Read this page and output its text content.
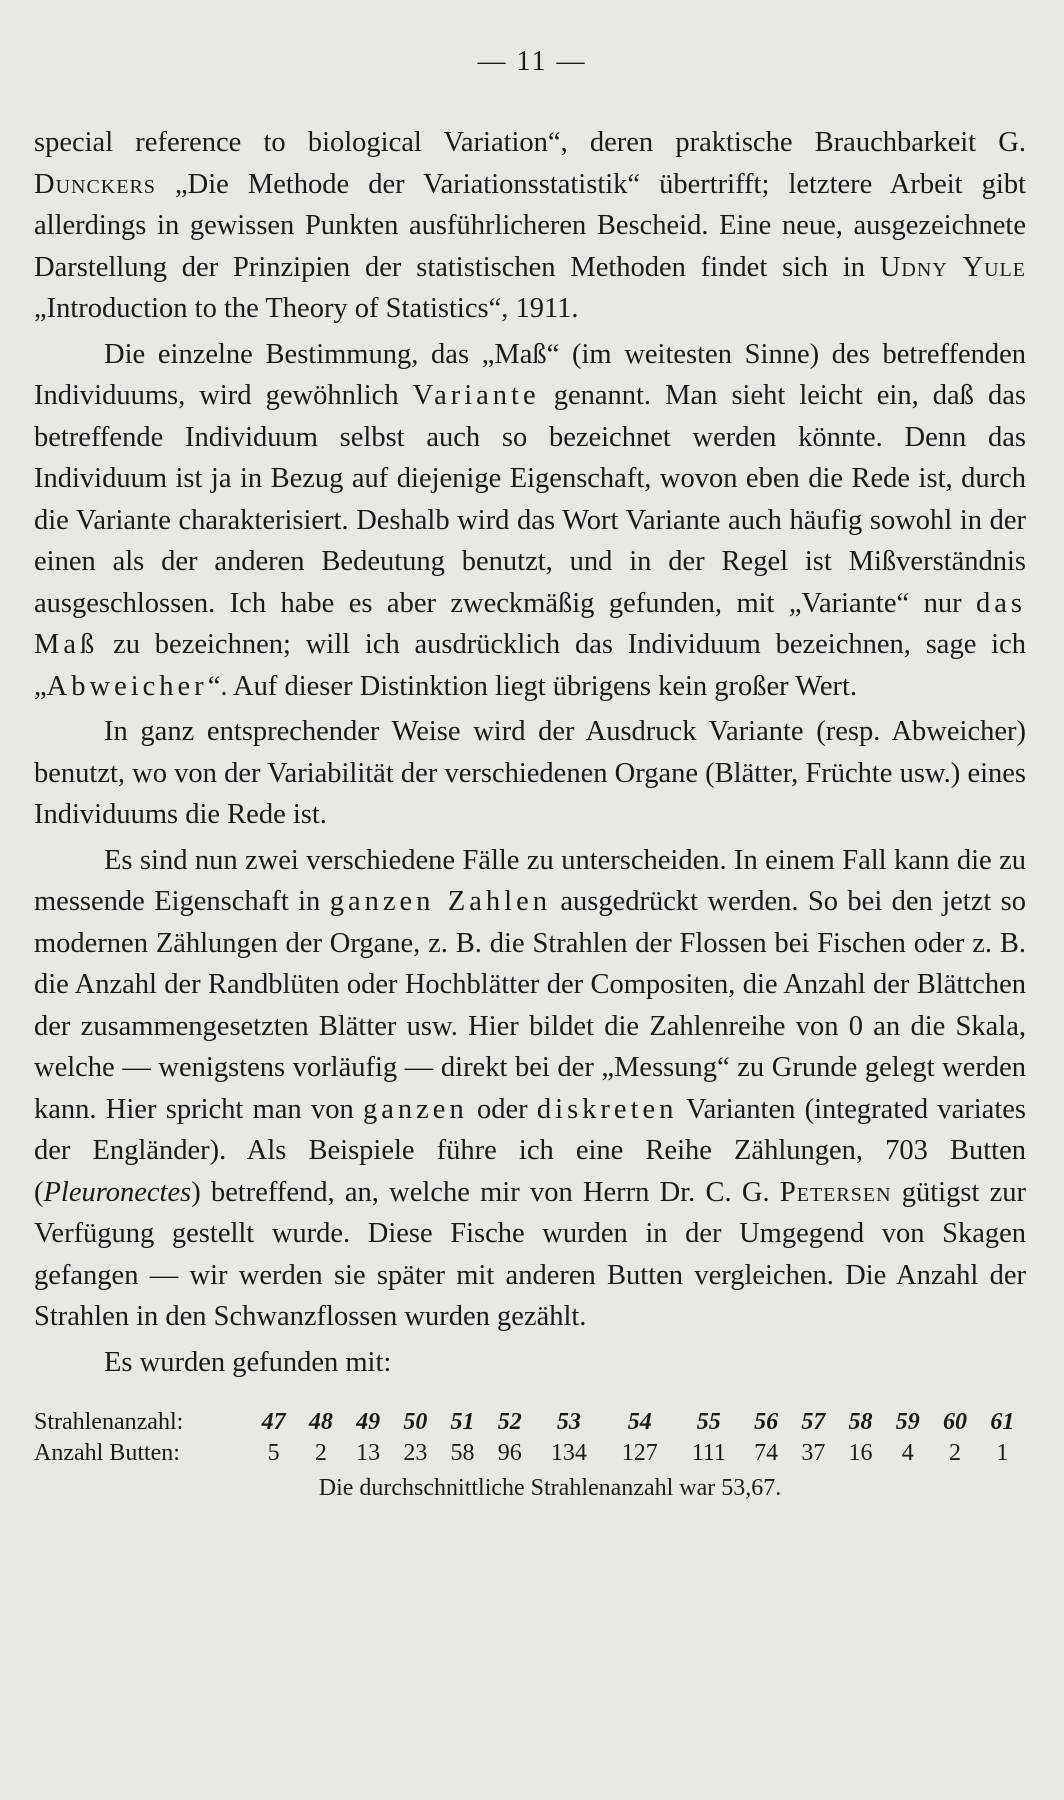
— 11 —

special reference to biological Variation“, deren praktische Brauchbarkeit G. Dunckers „Die Methode der Variationsstatistik“ übertrifft; letztere Arbeit gibt allerdings in gewissen Punkten ausführlicheren Bescheid. Eine neue, ausgezeichnete Darstellung der Prinzipien der statistischen Methoden findet sich in Udny Yule „Introduction to the Theory of Statistics“, 1911.

Die einzelne Bestimmung, das „Maß“ (im weitesten Sinne) des betreffenden Individuums, wird gewöhnlich Variante genannt. Man sieht leicht ein, daß das betreffende Individuum selbst auch so bezeichnet werden könnte. Denn das Individuum ist ja in Bezug auf diejenige Eigenschaft, wovon eben die Rede ist, durch die Variante charakterisiert. Deshalb wird das Wort Variante auch häufig sowohl in der einen als der anderen Bedeutung benutzt, und in der Regel ist Mißverständnis ausgeschlossen. Ich habe es aber zweckmäßig gefunden, mit „Variante“ nur das Maß zu bezeichnen; will ich ausdrücklich das Individuum bezeichnen, sage ich „Abweicher“. Auf dieser Distinktion liegt übrigens kein großer Wert.

In ganz entsprechender Weise wird der Ausdruck Variante (resp. Abweicher) benutzt, wo von der Variabilität der verschiedenen Organe (Blätter, Früchte usw.) eines Individuums die Rede ist.

Es sind nun zwei verschiedene Fälle zu unterscheiden. In einem Fall kann die zu messende Eigenschaft in ganzen Zahlen ausgedrückt werden. So bei den jetzt so modernen Zählungen der Organe, z. B. die Strahlen der Flossen bei Fischen oder z. B. die Anzahl der Randblüten oder Hochblätter der Compositen, die Anzahl der Blättchen der zusammengesetzten Blätter usw. Hier bildet die Zahlenreihe von 0 an die Skala, welche — wenigstens vorläufig — direkt bei der „Messung“ zu Grunde gelegt werden kann. Hier spricht man von ganzen oder diskreten Varianten (integrated variates der Engländer). Als Beispiele führe ich eine Reihe Zählungen, 703 Butten (Pleuronectes) betreffend, an, welche mir von Herrn Dr. C. G. Petersen gütigst zur Verfügung gestellt wurde. Diese Fische wurden in der Umgegend von Skagen gefangen — wir werden sie später mit anderen Butten vergleichen. Die Anzahl der Strahlen in den Schwanzflossen wurden gezählt.

Es wurden gefunden mit:

Strahlenanzahl:	47	48	49	50	51	52	53	54	55	56	57	58	59	60	61
Anzahl Butten:	5	2	13	23	58	96	134	127	111	74	37	16	4	2	1
Die durchschnittliche Strahlenanzahl war 53,67.
